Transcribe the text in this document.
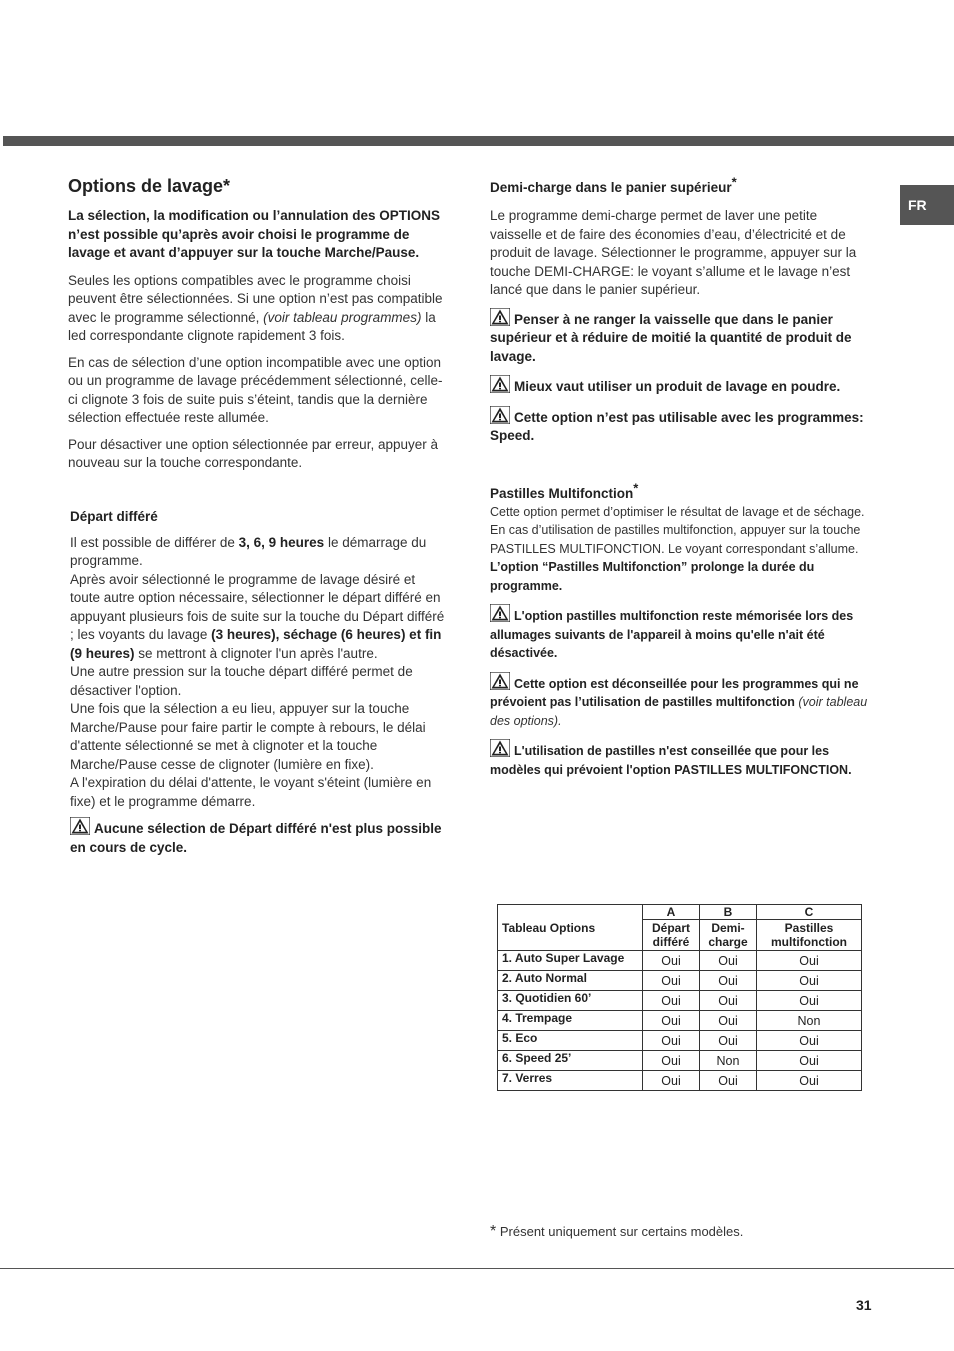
FR
Options de lavage*

La sélection, la modification ou l’annulation des OPTIONS n’est possible qu’après avoir choisi le programme de lavage et avant d’appuyer sur la touche Marche/Pause.

Seules les options compatibles avec le programme choisi peuvent être sélectionnées. Si une option n’est pas compatible avec le programme sélectionné, (voir tableau programmes) la led correspondante clignote rapidement 3 fois.

En cas de sélection d’une option incompatible avec une option ou un programme de lavage précédemment sélectionné, celle-ci clignote 3 fois de suite puis s’éteint, tandis que la dernière sélection effectuée reste allumée.

Pour désactiver une option sélectionnée par erreur, appuyer à nouveau sur la touche correspondante.

Départ différé

Il est possible de différer de 3, 6, 9 heures le démarrage du programme.

Après avoir sélectionné le programme de lavage désiré et toute autre option nécessaire, sélectionner le départ différé en appuyant plusieurs fois de suite sur la touche du Départ différé ; les voyants du lavage (3 heures), séchage (6 heures) et fin (9 heures) se mettront à clignoter l'un après l'autre.

Une autre pression sur la touche départ différé permet de désactiver l'option.

Une fois que la sélection a eu lieu, appuyer sur la touche Marche/Pause pour faire partir le compte à rebours, le délai d'attente sélectionné se met à clignoter et la touche Marche/Pause cesse de clignoter (lumière en fixe).

A l'expiration du délai d'attente, le voyant s'éteint (lumière en fixe) et le programme démarre.

Aucune sélection de Départ différé n'est plus possible en cours de cycle.

Demi-charge dans le panier supérieur*

Le programme demi-charge permet de laver une petite vaisselle et de faire des économies d’eau, d’électricité et de produit de lavage. Sélectionner le programme, appuyer sur la touche DEMI-CHARGE: le voyant s’allume et le lavage n’est lancé que dans le panier supérieur.

Penser à ne ranger la vaisselle que dans le panier supérieur et à réduire de moitié la quantité de produit de lavage.

Mieux vaut utiliser un produit de lavage en poudre.

Cette option n’est pas utilisable avec les programmes: Speed.

Pastilles Multifonction*

Cette option permet d’optimiser le résultat de lavage et de séchage.

En cas d’utilisation de pastilles multifonction, appuyer sur la touche PASTILLES MULTIFONCTION. Le voyant correspondant s’allume. L’option “Pastilles Multifonction” prolonge la durée du programme.

L'option pastilles multifonction reste mémorisée lors des allumages suivants de l'appareil à moins qu'elle n'ait été désactivée.

Cette option est déconseillée pour les programmes qui ne prévoient pas l’utilisation de pastilles multifonction (voir tableau des options).

L'utilisation de pastilles n'est conseillée que pour les modèles qui prévoient l'option PASTILLES MULTIFONCTION.

Tableau Options	A	B	C
	Départ différé	Demi-charge	Pastilles multifonction
1. Auto Super Lavage	Oui	Oui	Oui
2. Auto Normal	Oui	Oui	Oui
3. Quotidien 60’	Oui	Oui	Oui
4. Trempage	Oui	Oui	Non
5. Eco	Oui	Oui	Oui
6. Speed 25’	Oui	Non	Oui
7. Verres	Oui	Oui	Oui
* Présent uniquement sur certains modèles.
31
